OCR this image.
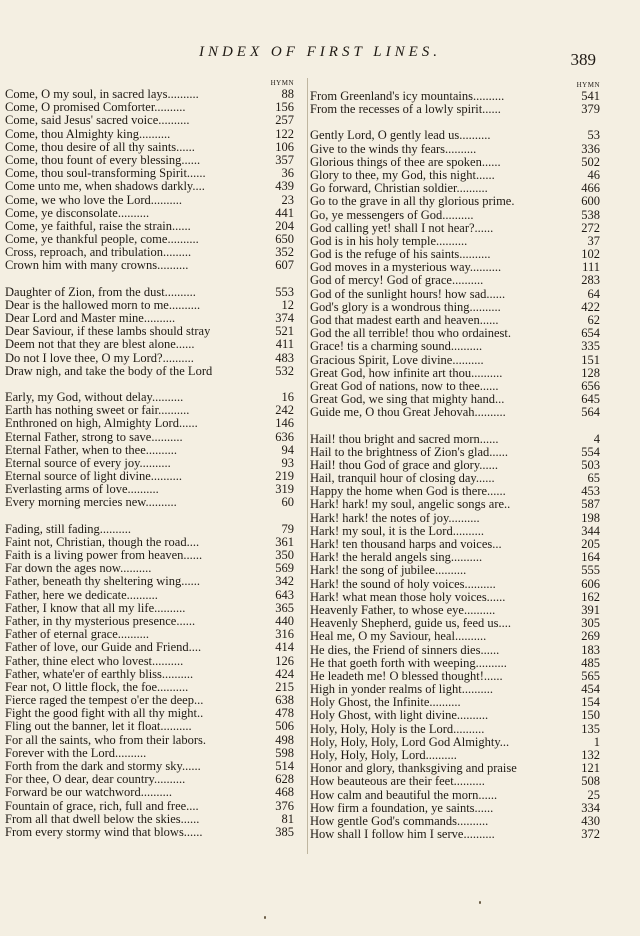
INDEX OF FIRST LINES.	389
HYMN
Come, O my soul, in sacred lays..........	88
Come, O promised Comforter..........	156
Come, said Jesus' sacred voice..........	257
Come, thou Almighty king..........	122
Come, thou desire of all thy saints......	106
Come, thou fount of every blessing......	357
Come, thou soul-transforming Spirit......	36
Come unto me, when shadows darkly....	439
Come, we who love the Lord..........	23
Come, ye disconsolate..........	441
Come, ye faithful, raise the strain......	204
Come, ye thankful people, come..........	650
Cross, reproach, and tribulation.........	352
Crown him with many crowns..........	607
Daughter of Zion, from the dust..........	553
Dear is the hallowed morn to me..........	12
Dear Lord and Master mine..........	374
Dear Saviour, if these lambs should stray	521
Deem not that they are blest alone......	411
Do not I love thee, O my Lord?..........	483
Draw nigh, and take the body of the Lord	532
Early, my God, without delay..........	16
Earth has nothing sweet or fair..........	242
Enthroned on high, Almighty Lord......	146
Eternal Father, strong to save..........	636
Eternal Father, when to thee..........	94
Eternal source of every joy..........	93
Eternal source of light divine..........	219
Everlasting arms of love..........	319
Every morning mercies new..........	60
Fading, still fading..........	79
Faint not, Christian, though the road....	361
Faith is a living power from heaven......	350
Far down the ages now..........	569
Father, beneath thy sheltering wing......	342
Father, here we dedicate..........	643
Father, I know that all my life..........	365
Father, in thy mysterious presence......	440
Father of eternal grace..........	316
Father of love, our Guide and Friend....	414
Father, thine elect who lovest..........	126
Father, whate'er of earthly bliss..........	424
Fear not, O little flock, the foe..........	215
Fierce raged the tempest o'er the deep...	638
Fight the good fight with all thy might..	478
Fling out the banner, let it float..........	506
For all the saints, who from their labors.	498
Forever with the Lord..........	598
Forth from the dark and stormy sky......	514
For thee, O dear, dear country..........	628
Forward be our watchword..........	468
Fountain of grace, rich, full and free....	376
From all that dwell below the skies......	81
From every stormy wind that blows......	385
HYMN
From Greenland's icy mountains..........	541
From the recesses of a lowly spirit......	379
Gently Lord, O gently lead us..........	53
Give to the winds thy fears..........	336
Glorious things of thee are spoken......	502
Glory to thee, my God, this night......	46
Go forward, Christian soldier..........	466
Go to the grave in all thy glorious prime.	600
Go, ye messengers of God..........	538
God calling yet! shall I not hear?......	272
God is in his holy temple..........	37
God is the refuge of his saints..........	102
God moves in a mysterious way..........	111
God of mercy! God of grace..........	283
God of the sunlight hours! how sad......	64
God's glory is a wondrous thing..........	422
God that madest earth and heaven......	62
God the all terrible! thou who ordainest.	654
Grace! tis a charming sound..........	335
Gracious Spirit, Love divine..........	151
Great God, how infinite art thou..........	128
Great God of nations, now to thee......	656
Great God, we sing that mighty hand...	645
Guide me, O thou Great Jehovah..........	564
Hail! thou bright and sacred morn......	4
Hail to the brightness of Zion's glad......	554
Hail! thou God of grace and glory......	503
Hail, tranquil hour of closing day......	65
Happy the home when God is there......	453
Hark! hark! my soul, angelic songs are..	587
Hark! hark! the notes of joy..........	198
Hark! my soul, it is the Lord..........	344
Hark! ten thousand harps and voices...	205
Hark! the herald angels sing..........	164
Hark! the song of jubilee..........	555
Hark! the sound of holy voices..........	606
Hark! what mean those holy voices......	162
Heavenly Father, to whose eye..........	391
Heavenly Shepherd, guide us, feed us....	305
Heal me, O my Saviour, heal..........	269
He dies, the Friend of sinners dies......	183
He that goeth forth with weeping..........	485
He leadeth me! O blessed thought!......	565
High in yonder realms of light..........	454
Holy Ghost, the Infinite..........	154
Holy Ghost, with light divine..........	150
Holy, Holy, Holy is the Lord..........	135
Holy, Holy, Holy, Lord God Almighty...	1
Holy, Holy, Holy, Lord..........	132
Honor and glory, thanksgiving and praise	121
How beauteous are their feet..........	508
How calm and beautiful the morn......	25
How firm a foundation, ye saints......	334
How gentle God's commands..........	430
How shall I follow him I serve..........	372
